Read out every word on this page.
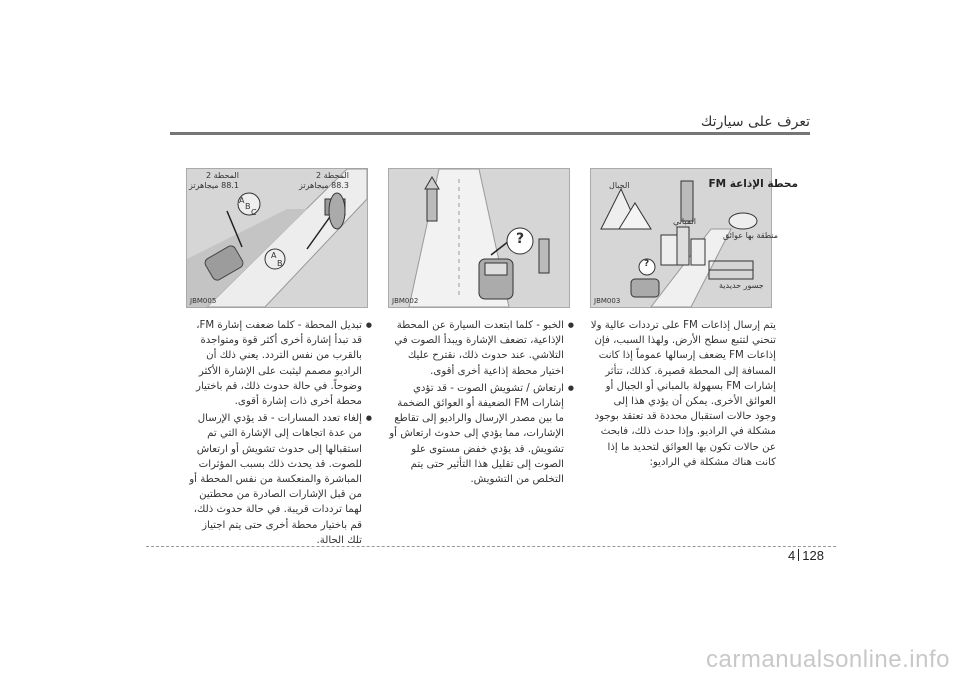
تعرف على سيارتك
A
B
C
A
B
المحطة 2
88.1 ميجاهرتز
المحطة 2
88.3 ميجاهرتز
JBM005
?
JBM002
?
الجبال
المباني
جسور حديدية
منطقة بها عوائق
JBM003
محطة الإذاعة FM

يتم إرسال إذاعات FM على ترددات عالية ولا تنحني لتتبع سطح الأرض. ولهذا السبب، فإن إذاعات FM يضعف إرسالها عموماً إذا كانت المسافة إلى المحطة قصيرة. كذلك، تتأثر إشارات FM بسهولة بالمباني أو الجبال أو العوائق الأخرى. يمكن أن يؤدي هذا إلى وجود حالات استقبال محددة قد تعتقد بوجود مشكلة في الراديو. وإذا حدث ذلك، فابحث عن حالات تكون بها العوائق لتحديد ما إذا كانت هناك مشكلة في الراديو:

● الخبو - كلما ابتعدت السيارة عن المحطة الإذاعية، تضعف الإشارة ويبدأ الصوت في التلاشي. عند حدوث ذلك، نقترح عليك اختيار محطة إذاعية أخرى أقوى.

● ارتعاش / تشويش الصوت - قد تؤدي إشارات FM الضعيفة أو العوائق الضخمة ما بين مصدر الإرسال والراديو إلى تقاطع الإشارات، مما يؤدي إلى حدوث ارتعاش أو تشويش. قد يؤدي خفض مستوى علو الصوت إلى تقليل هذا التأثير حتى يتم التخلص من التشويش.

● تبديل المحطة - كلما ضعفت إشارة FM، قد تبدأ إشارة أخرى أكثر قوة ومتواجدة بالقرب من نفس التردد. يعني ذلك أن الراديو مصمم ليثبت على الإشارة الأكثر وضوحاً. في حالة حدوث ذلك، قم باختيار محطة أخرى ذات إشارة أقوى.

● إلغاء تعدد المسارات - قد يؤدي الإرسال من عدة اتجاهات إلى الإشارة التي تم استقبالها إلى حدوث تشويش أو ارتعاش للصوت. قد يحدث ذلك بسبب المؤثرات المباشرة والمنعكسة من نفس المحطة أو من قبل الإشارات الصادرة من محطتين لهما ترددات قريبة. في حالة حدوث ذلك، قم باختيار محطة أخرى حتى يتم اجتياز تلك الحالة.

4 128
carmanualsonline.info
